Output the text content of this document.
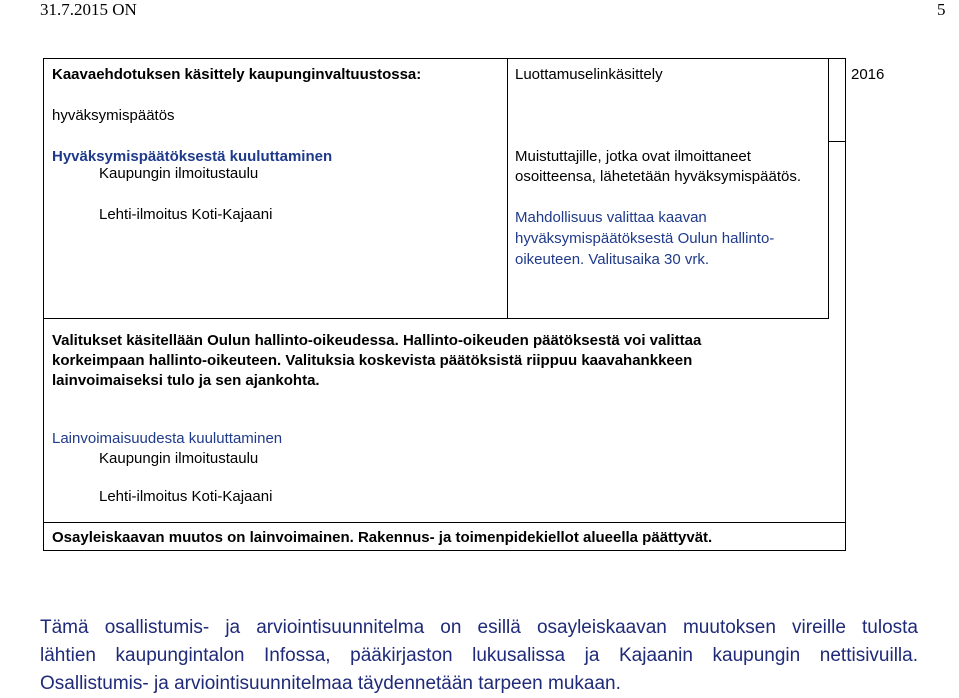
31.7.2015 ON	5
Kaavaehdotuksen käsittely kaupunginvaltuustossa:
hyväksymispäätös
Hyväksymispäätöksestä kuuluttaminen
Kaupungin ilmoitustaulu
Lehti-ilmoitus Koti-Kajaani
Luottamuselinkäsittely
Muistuttajille, jotka ovat ilmoittaneet
osoitteensa, lähetetään hyväksymispäätös.
Mahdollisuus valittaa kaavan
hyväksymispäätöksestä Oulun hallinto-
oikeuteen. Valitusaika 30 vrk.
2016
Valitukset käsitellään Oulun hallinto-oikeudessa. Hallinto-oikeuden päätöksestä voi valittaa
korkeimpaan hallinto-oikeuteen. Valituksia koskevista päätöksistä riippuu kaavahankkeen
lainvoimaiseksi tulo ja sen ajankohta.
Lainvoimaisuudesta kuuluttaminen
Kaupungin ilmoitustaulu
Lehti-ilmoitus Koti-Kajaani
Osayleiskaavan muutos on lainvoimainen. Rakennus- ja toimenpidekiellot alueella päättyvät.
Tämä osallistumis- ja arviointisuunnitelma on esillä osayleiskaavan muutoksen vireille tulosta
lähtien kaupungintalon Infossa, pääkirjaston lukusalissa ja Kajaanin kaupungin nettisivuilla.
Osallistumis- ja arviointisuunnitelmaa täydennetään tarpeen mukaan.
